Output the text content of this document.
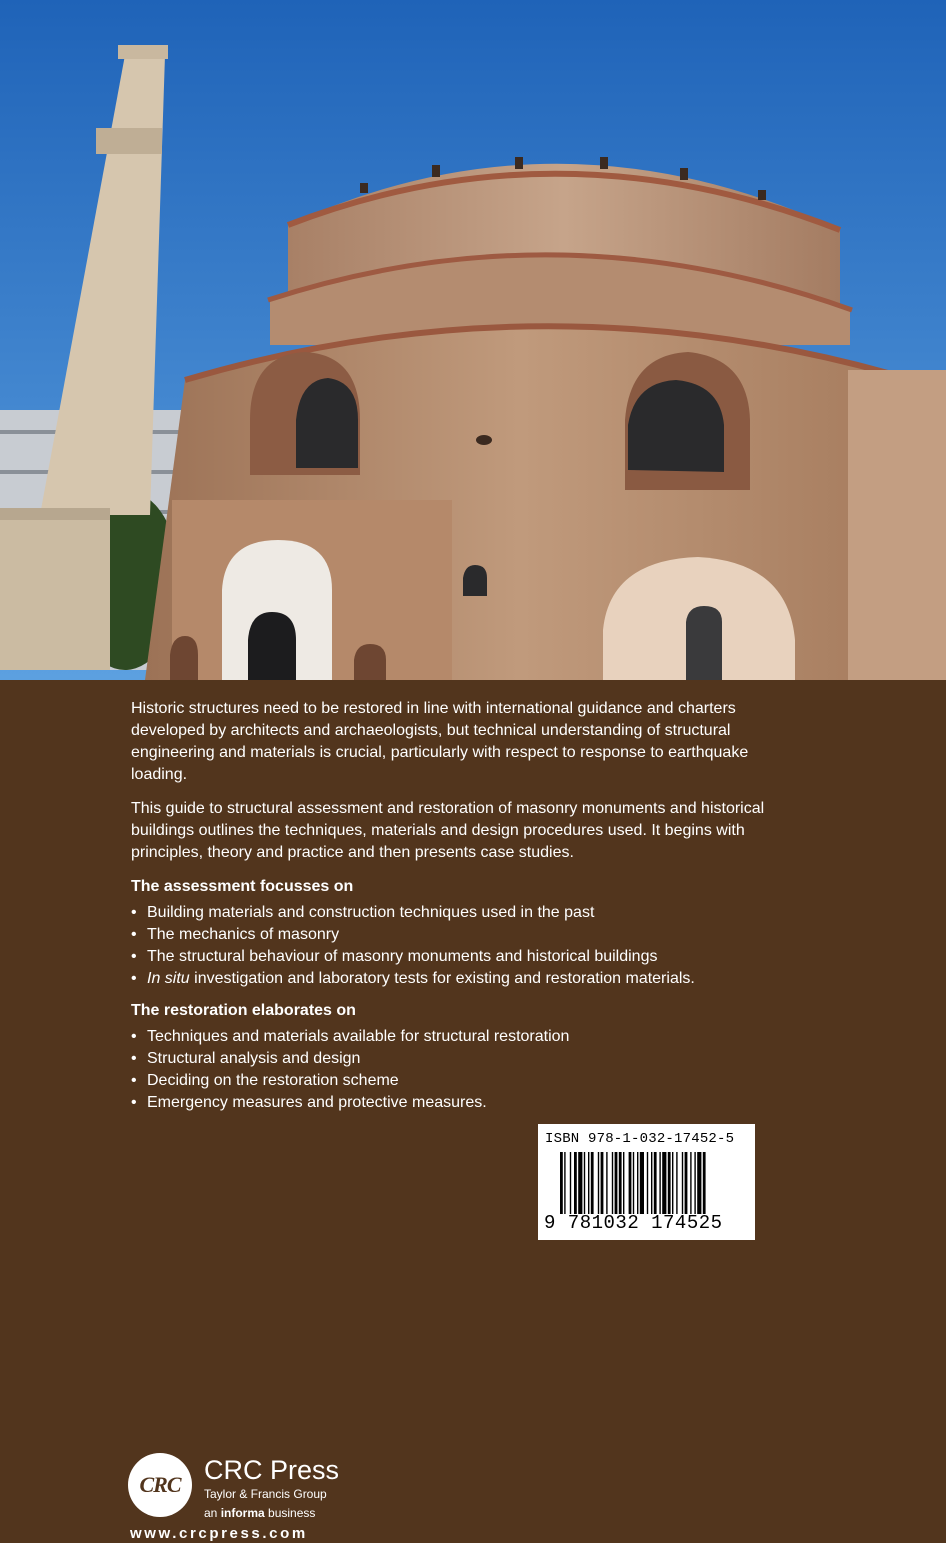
Historic structures need to be restored in line with international guidance and charters developed by architects and archaeologists, but technical understanding of structural engineering and materials is crucial, particularly with respect to response to earthquake loading.

This guide to structural assessment and restoration of masonry monuments and historical buildings outlines the techniques, materials and design procedures used. It begins with principles, theory and practice and then presents case studies.

The assessment focusses on
• Building materials and construction techniques used in the past
• The mechanics of masonry
• The structural behaviour of masonry monuments and historical buildings
• In situ investigation and laboratory tests for existing and restoration materials.
The restoration elaborates on
• Techniques and materials available for structural restoration
• Structural analysis and design
• Deciding on the restoration scheme
• Emergency measures and protective measures.
CRC CRC Press
Taylor & Francis Group
an informa business
www.crcpress.com
ISBN 978-1-032-17452-5
9 781032 174525
